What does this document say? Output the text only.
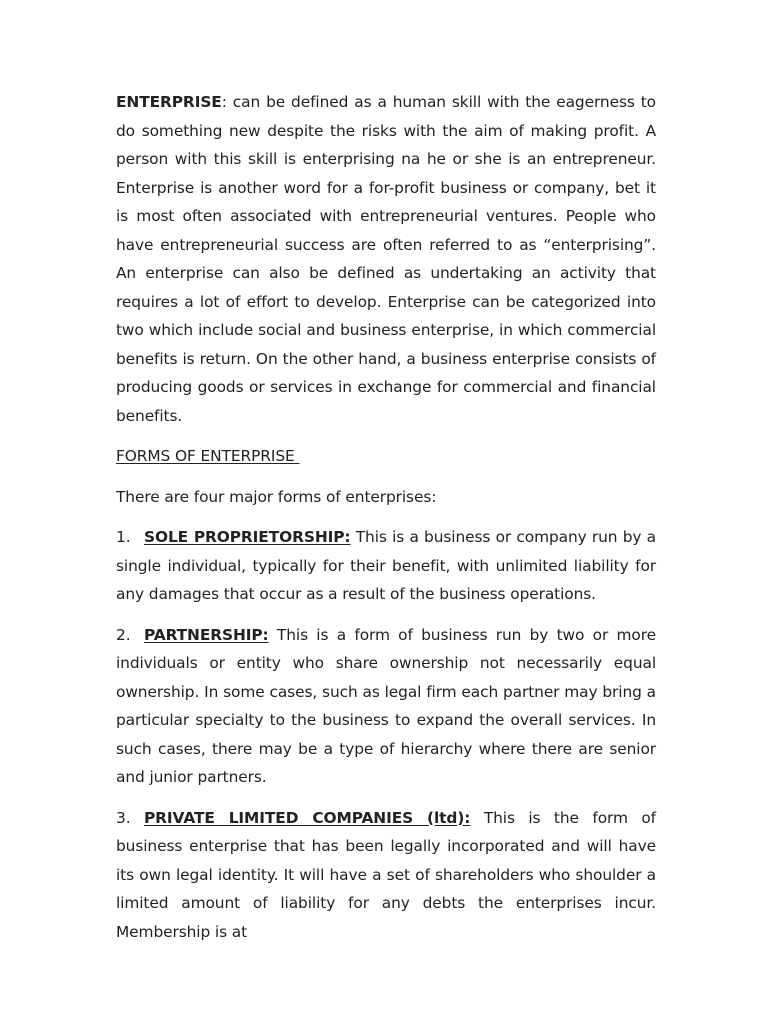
ENTERPRISE: can be defined as a human skill with the eagerness to do something new despite the risks with the aim of making profit. A person with this skill is enterprising na he or she is an entrepreneur. Enterprise is another word for a for-profit business or company, bet it is most often associated with entrepreneurial ventures. People who have entrepreneurial success are often referred to as “enterprising”. An enterprise can also be defined as undertaking an activity that requires a lot of effort to develop. Enterprise can be categorized into two which include social and business enterprise, in which commercial benefits is return. On the other hand, a business enterprise consists of producing goods or services in exchange for commercial and financial benefits.

FORMS OF ENTERPRISE

There are four major forms of enterprises:

1. SOLE PROPRIETORSHIP: This is a business or company run by a single individual, typically for their benefit, with unlimited liability for any damages that occur as a result of the business operations.

2. PARTNERSHIP: This is a form of business run by two or more individuals or entity who share ownership not necessarily equal ownership. In some cases, such as legal firm each partner may bring a particular specialty to the business to expand the overall services. In such cases, there may be a type of hierarchy where there are senior and junior partners.

3. PRIVATE LIMITED COMPANIES (ltd): This is the form of business enterprise that has been legally incorporated and will have its own legal identity. It will have a set of shareholders who shoulder a limited amount of liability for any debts the enterprises incur. Membership is at
